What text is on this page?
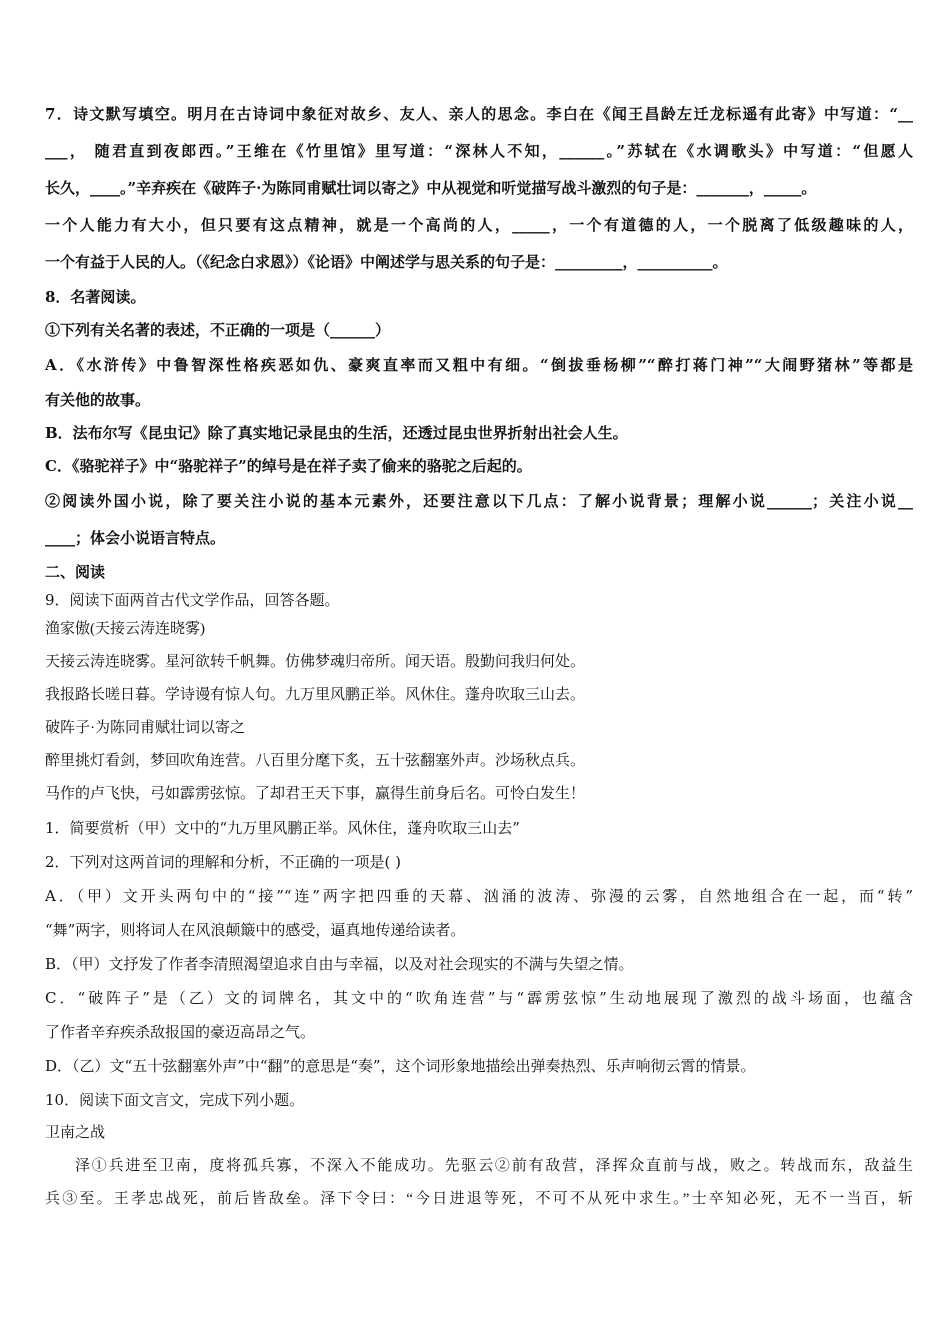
7．诗文默写填空。明月在古诗词中象征对故乡、友人、亲人的思念。李白在《闻王昌龄左迁龙标遥有此寄》中写道：“__
___， 随君直到夜郎西。”王维在《竹里馆》里写道：“深林人不知，______。”苏轼在《水调歌头》中写道：“但愿人
长久，____。”辛弃疾在《破阵子·为陈同甫赋壮词以寄之》中从视觉和听觉描写战斗激烈的句子是：_______，_____。
一个人能力有大小，但只要有这点精神，就是一个高尚的人，_____，一个有道德的人，一个脱离了低级趣味的人，
一个有益于人民的人。（《纪念白求恩》）《论语》中阐述学与思关系的句子是：_________，__________。
8．名著阅读。
①下列有关名著的表述，不正确的一项是（______）
A．《水浒传》中鲁智深性格疾恶如仇、豪爽直率而又粗中有细。“倒拔垂杨柳”“醉打蒋门神”“大闹野猪林”等都是
有关他的故事。
B．法布尔写《昆虫记》除了真实地记录昆虫的生活，还透过昆虫世界折射出社会人生。
C．《骆驼祥子》中“骆驼祥子”的绰号是在祥子卖了偷来的骆驼之后起的。
②阅读外国小说，除了要关注小说的基本元素外，还要注意以下几点：了解小说背景；理解小说______；关注小说__
____；体会小说语言特点。
二、阅读
9．阅读下面两首古代文学作品，回答各题。
渔家傲(天接云涛连晓雾)
天接云涛连晓雾。星河欲转千帆舞。仿佛梦魂归帝所。闻天语。殷勤问我归何处。
我报路长嗟日暮。学诗谩有惊人句。九万里风鹏正举。风休住。蓬舟吹取三山去。
破阵子·为陈同甫赋壮词以寄之
醉里挑灯看剑，梦回吹角连营。八百里分麾下炙，五十弦翻塞外声。沙场秋点兵。
马作的卢飞快，弓如霹雳弦惊。了却君王天下事，赢得生前身后名。可怜白发生！
1．简要赏析（甲）文中的“九万里风鹏正举。风休住，蓬舟吹取三山去”
2．下列对这两首词的理解和分析，不正确的一项是( )
A．（甲）文开头两句中的“接”“连”两字把四垂的天幕、汹涌的波涛、弥漫的云雾，自然地组合在一起，而“转”
“舞”两字，则将词人在风浪颠簸中的感受，逼真地传递给读者。
B．（甲）文抒发了作者李清照渴望追求自由与幸福，以及对社会现实的不满与失望之情。
C．“破阵子”是（乙）文的词牌名，其文中的“吹角连营”与“霹雳弦惊”生动地展现了激烈的战斗场面，也蕴含
了作者辛弃疾杀敌报国的豪迈高昂之气。
D．（乙）文“五十弦翻塞外声”中“翻”的意思是“奏”，这个词形象地描绘出弹奏热烈、乐声响彻云霄的情景。
10．阅读下面文言文，完成下列小题。
卫南之战
泽①兵进至卫南，度将孤兵寡，不深入不能成功。先驱云②前有敌营，泽挥众直前与战，败之。转战而东，敌益生
兵③至。王孝忠战死，前后皆敌垒。泽下令曰：“今日进退等死，不可不从死中求生。”士卒知必死，无不一当百，斩
